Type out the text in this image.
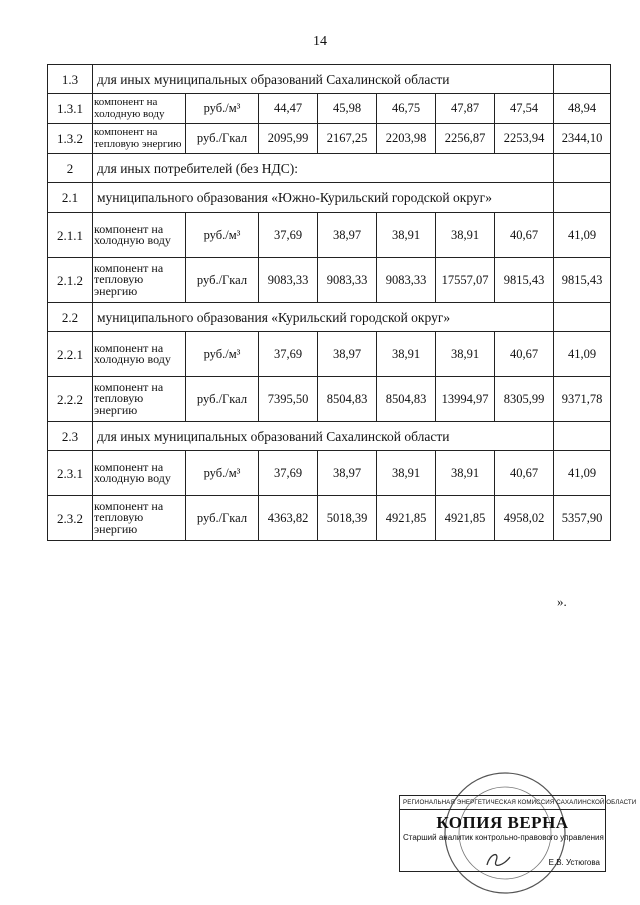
14
1.3	для иных муниципальных образований Сахалинской области							
1.3.1	компонент на холодную воду	руб./м³	44,47	45,98	46,75	47,87	47,54	48,94
1.3.2	компонент на тепловую энергию	руб./Гкал	2095,99	2167,25	2203,98	2256,87	2253,94	2344,10
2	для иных потребителей (без НДС):							
2.1	муниципального образования «Южно-Курильский городской округ»							
2.1.1	компонент на холодную воду	руб./м³	37,69	38,97	38,91	38,91	40,67	41,09
2.1.2	компонент на тепловую энергию	руб./Гкал	9083,33	9083,33	9083,33	17557,07	9815,43	9815,43
2.2	муниципального образования «Курильский городской округ»							
2.2.1	компонент на холодную воду	руб./м³	37,69	38,97	38,91	38,91	40,67	41,09
2.2.2	компонент на тепловую энергию	руб./Гкал	7395,50	8504,83	8504,83	13994,97	8305,99	9371,78
2.3	для иных муниципальных образований Сахалинской области							
2.3.1	компонент на холодную воду	руб./м³	37,69	38,97	38,91	38,91	40,67	41,09
2.3.2	компонент на тепловую энергию	руб./Гкал	4363,82	5018,39	4921,85	4921,85	4958,02	5357,90
».
РЕГИОНАЛЬНАЯ ЭНЕРГЕТИЧЕСКАЯ КОМИССИЯ САХАЛИНСКОЙ ОБЛАСТИ
КОПИЯ ВЕРНА
Старший аналитик контрольно-правового управления
Е.В. Устюгова
